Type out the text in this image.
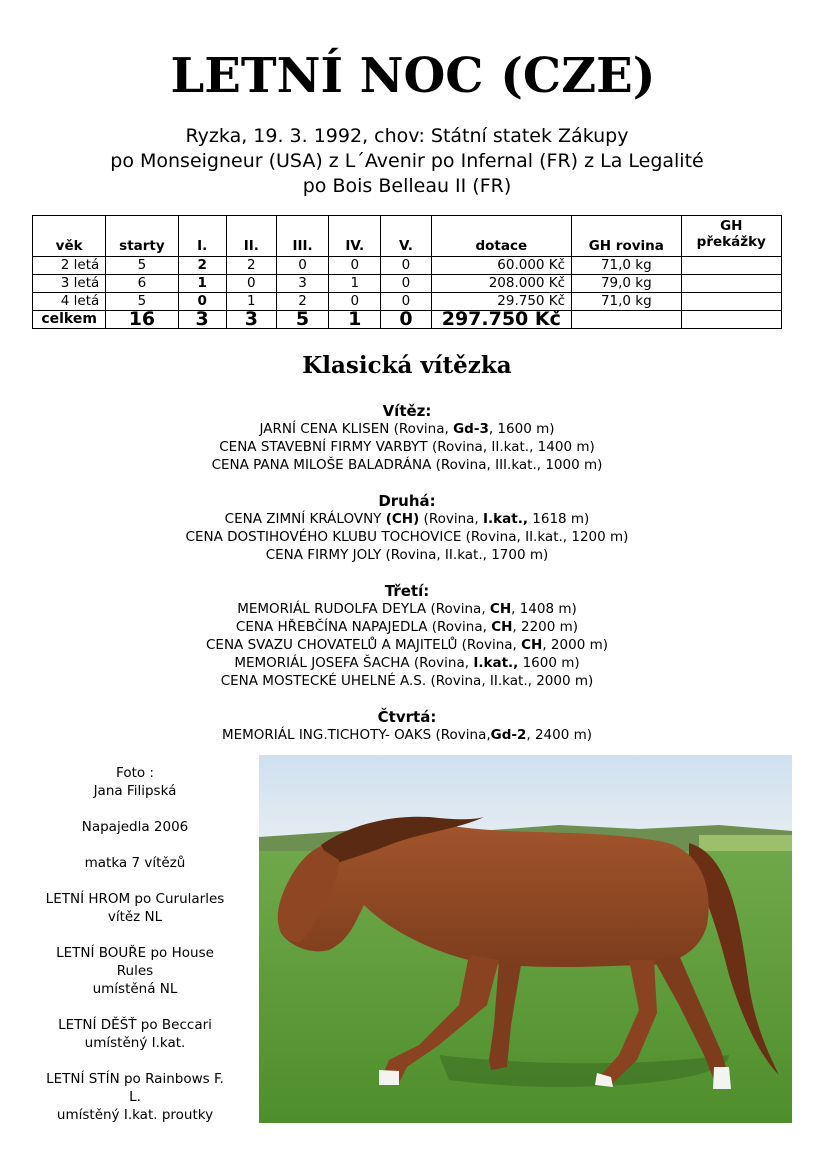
LETNÍ NOC (CZE)
Ryzka, 19. 3. 1992, chov: Státní statek Zákupy
po Monseigneur (USA) z L´Avenir po Infernal (FR) z La Legalité
po Bois Belleau II (FR)
věk	starty	I.	II.	III.	IV.	V.	dotace	GH rovina	GH překážky
2 letá	5	2	2	0	0	0	60.000 Kč	71,0 kg	
3 letá	6	1	0	3	1	0	208.000 Kč	79,0 kg	
4 letá	5	0	1	2	0	0	29.750 Kč	71,0 kg	
celkem	16	3	3	5	1	0	297.750 Kč		
Klasická vítězka
Vítěz:
JARNÍ CENA KLISEN (Rovina, Gd-3, 1600 m)
CENA STAVEBNÍ FIRMY VARBYT (Rovina, II.kat., 1400 m)
CENA PANA MILOŠE BALADRÁNA (Rovina, III.kat., 1000 m)
Druhá:
CENA ZIMNÍ KRÁLOVNY (CH) (Rovina, I.kat., 1618 m)
CENA DOSTIHOVÉHO KLUBU TOCHOVICE (Rovina, II.kat., 1200 m)
CENA FIRMY JOLY (Rovina, II.kat., 1700 m)
Třetí:
MEMORIÁL RUDOLFA DEYLA (Rovina, CH, 1408 m)
CENA HŘEBČÍNA NAPAJEDLA (Rovina, CH, 2200 m)
CENA SVAZU CHOVATELŮ A MAJITELŮ (Rovina, CH, 2000 m)
MEMORIÁL JOSEFA ŠACHA (Rovina, I.kat., 1600 m)
CENA MOSTECKÉ UHELNÉ A.S. (Rovina, II.kat., 2000 m)
Čtvrtá:
MEMORIÁL ING.TICHOTY- OAKS (Rovina,Gd-2, 2400 m)

Foto :
Jana Filipská

Napajedla 2006

matka 7 vítězů

LETNÍ HROM po Curularles
vítěz NL

LETNÍ BOUŘE po House Rules
umístěná NL

LETNÍ DĚŠŤ po Beccari
umístěný I.kat.

LETNÍ STÍN po Rainbows F. L.
umístěný I.kat. proutky
